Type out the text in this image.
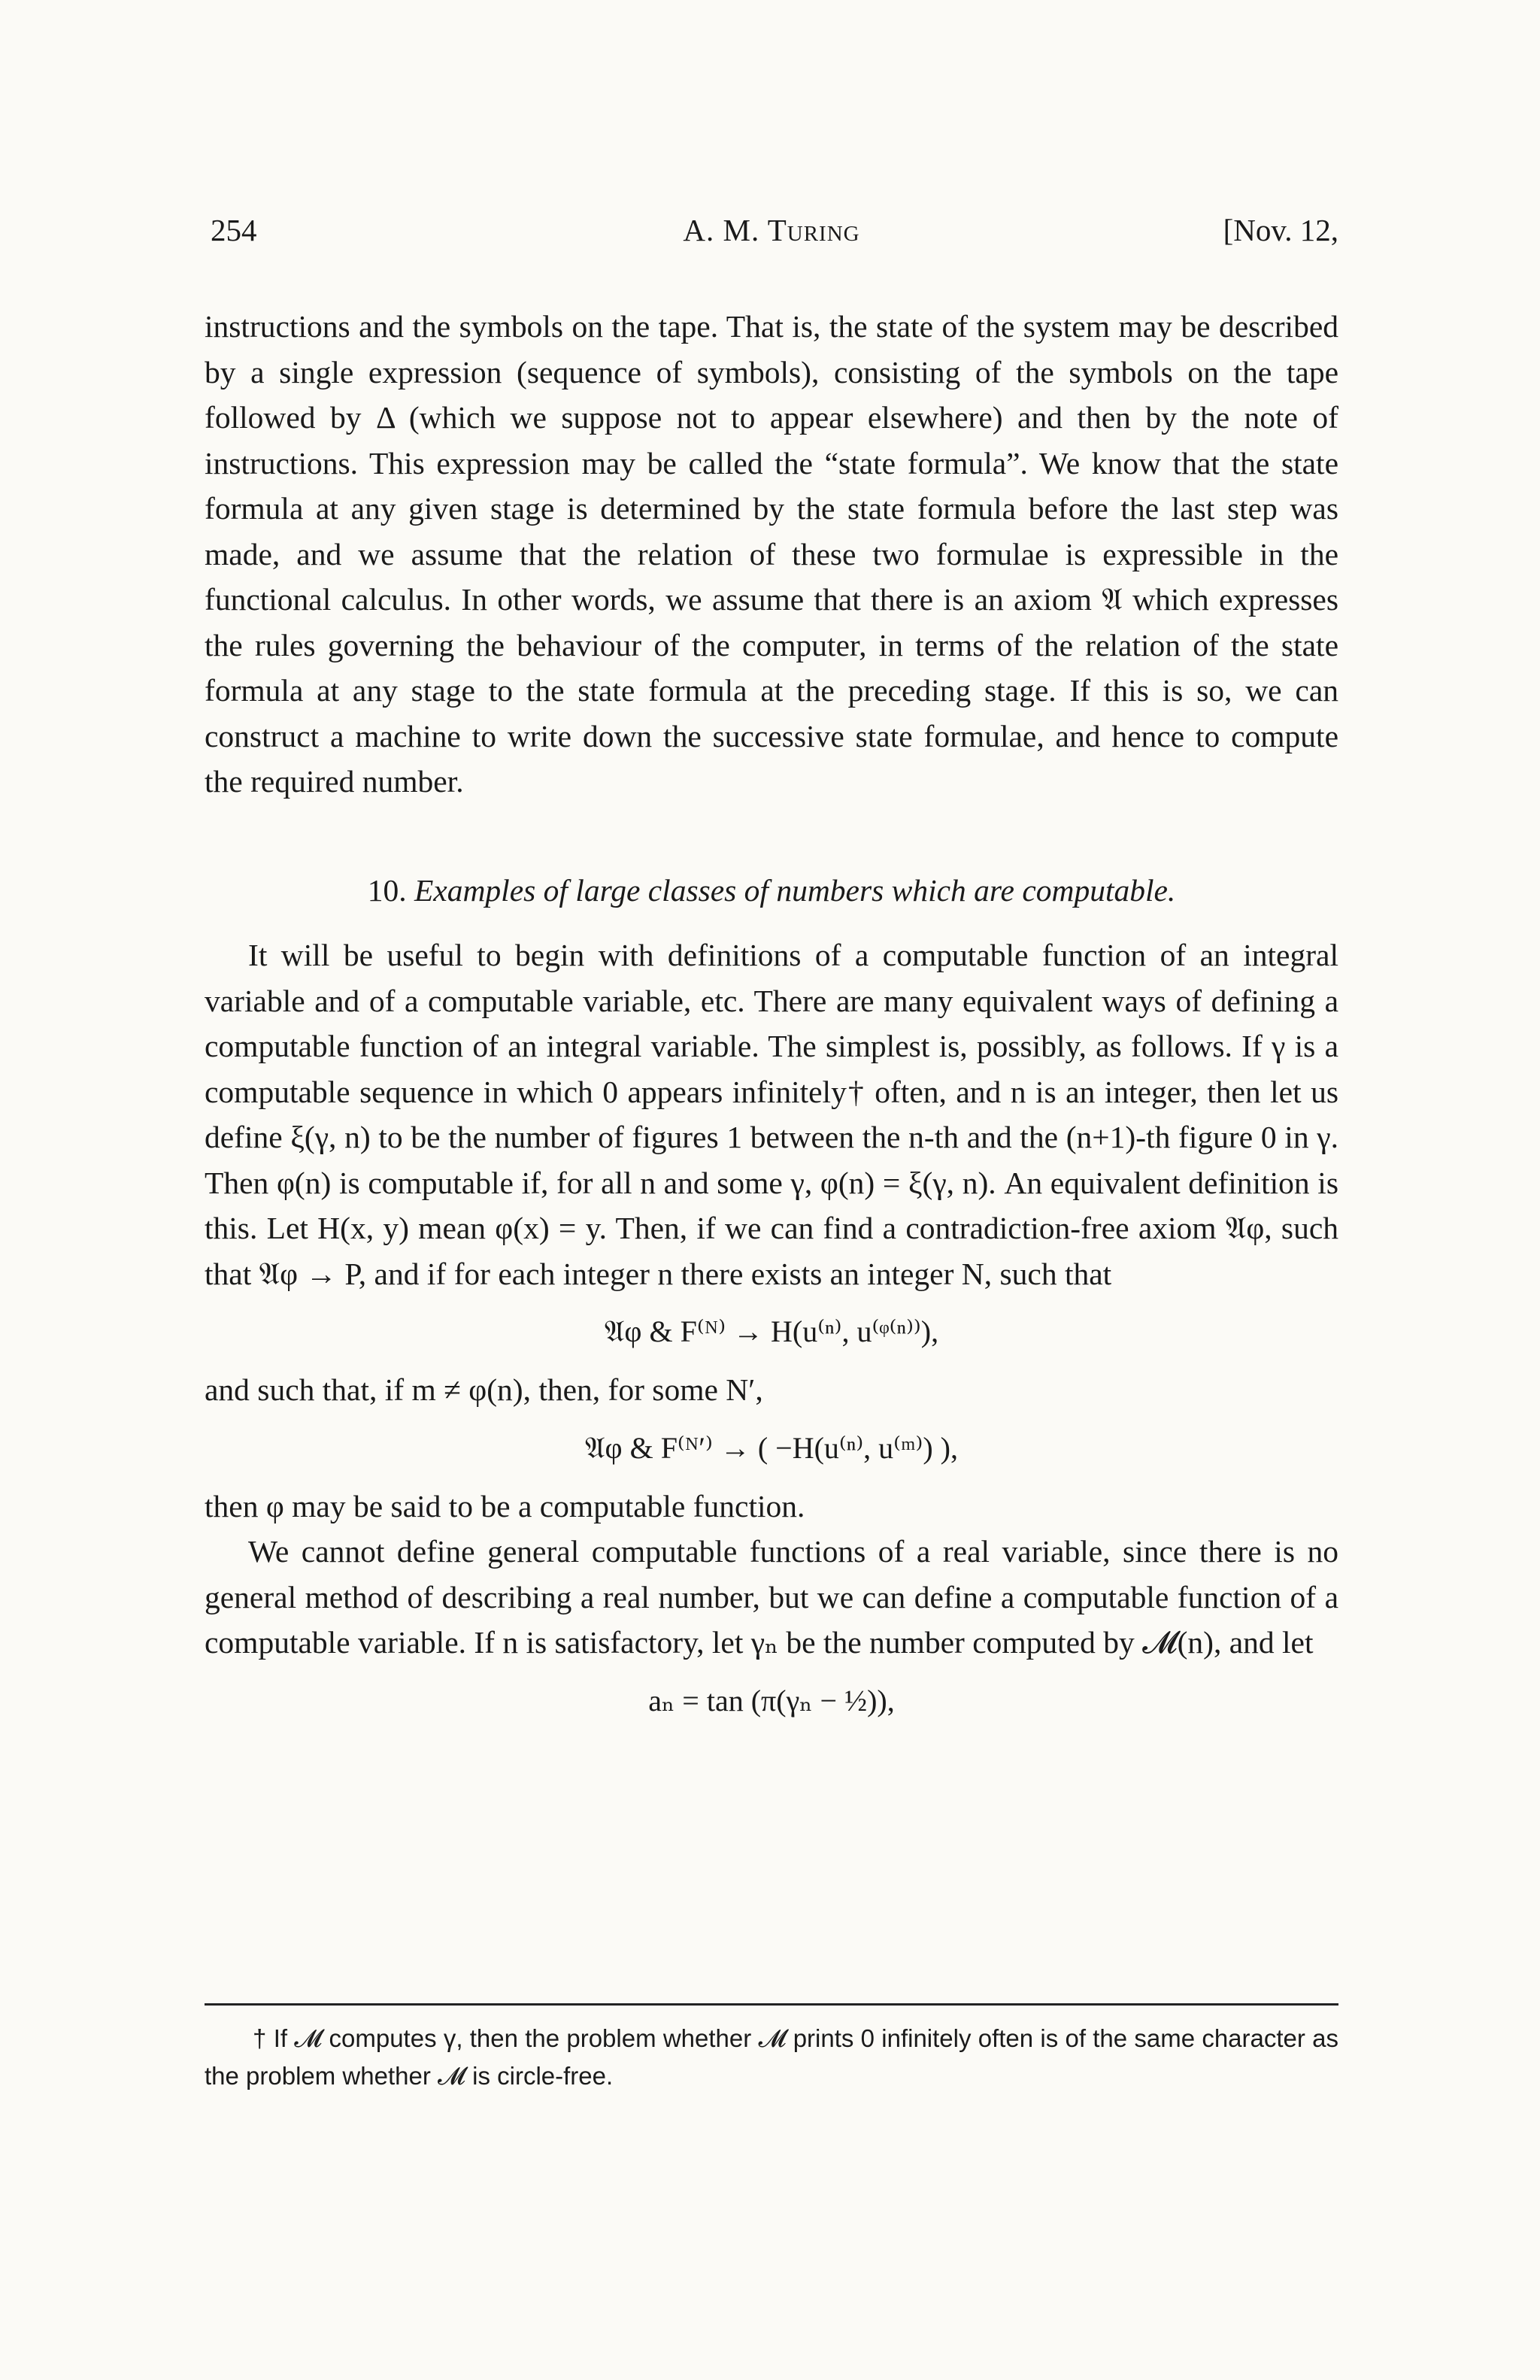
254	A. M. Turing	[Nov. 12,

instructions and the symbols on the tape. That is, the state of the system may be described by a single expression (sequence of symbols), consisting of the symbols on the tape followed by Δ (which we suppose not to appear elsewhere) and then by the note of instructions. This expression may be called the “state formula”. We know that the state formula at any given stage is determined by the state formula before the last step was made, and we assume that the relation of these two formulae is expressible in the functional calculus. In other words, we assume that there is an axiom 𝔄 which expresses the rules governing the behaviour of the computer, in terms of the relation of the state formula at any stage to the state formula at the preceding stage. If this is so, we can construct a machine to write down the successive state formulae, and hence to compute the required number.

10. Examples of large classes of numbers which are computable.

It will be useful to begin with definitions of a computable function of an integral variable and of a computable variable, etc. There are many equivalent ways of defining a computable function of an integral variable. The simplest is, possibly, as follows. If γ is a computable sequence in which 0 appears infinitely† often, and n is an integer, then let us define ξ(γ, n) to be the number of figures 1 between the n-th and the (n+1)-th figure 0 in γ. Then φ(n) is computable if, for all n and some γ, φ(n) = ξ(γ, n). An equivalent definition is this. Let H(x, y) mean φ(x) = y. Then, if we can find a contradiction-free axiom 𝔄φ, such that 𝔄φ → P, and if for each integer n there exists an integer N, such that

𝔄φ & F⁽ᴺ⁾ → H(u⁽ⁿ⁾, u⁽ᵠ⁽ⁿ⁾⁾),

and such that, if m ≠ φ(n), then, for some N′,

𝔄φ & F⁽ᴺ′⁾ → ( −H(u⁽ⁿ⁾, u⁽ᵐ⁾) ),

then φ may be said to be a computable function.

We cannot define general computable functions of a real variable, since there is no general method of describing a real number, but we can define a computable function of a computable variable. If n is satisfactory, let γₙ be the number computed by 𝓜(n), and let

aₙ = tan (π(γₙ − ½)),
† If 𝓜 computes γ, then the problem whether 𝓜 prints 0 infinitely often is of the same character as the problem whether 𝓜 is circle-free.
